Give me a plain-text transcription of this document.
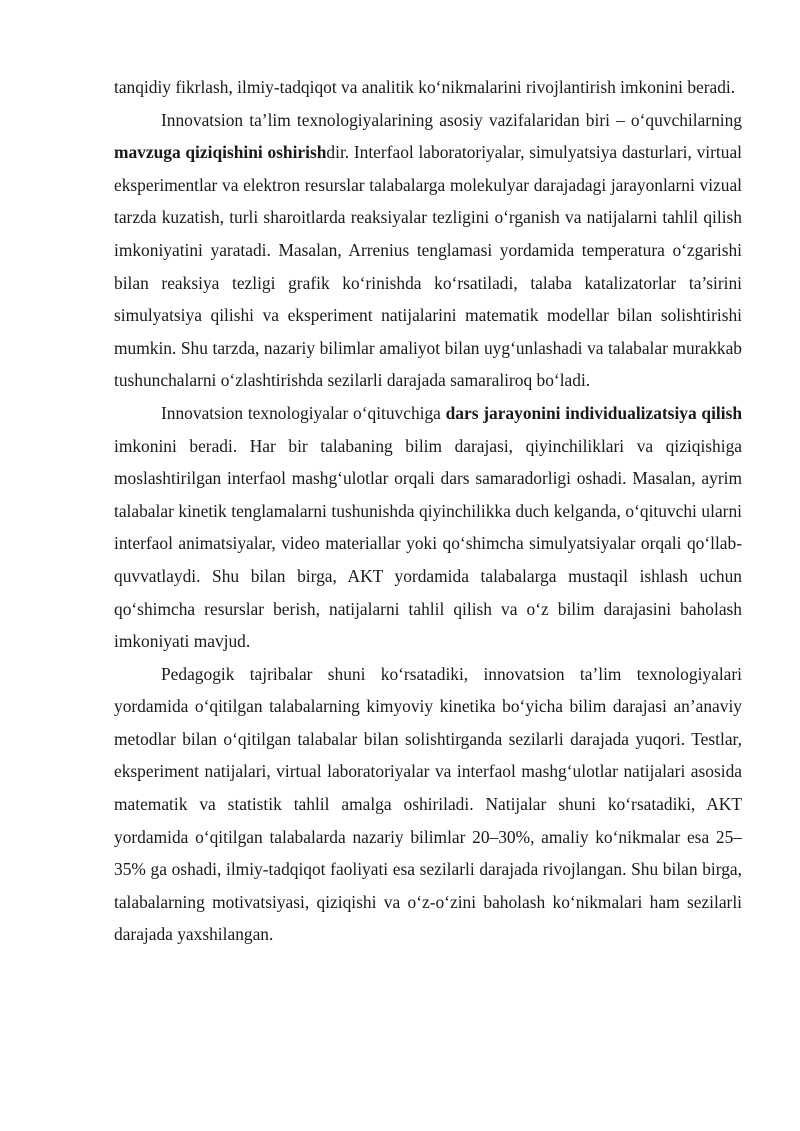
tanqidiy fikrlash, ilmiy-tadqiqot va analitik ko‘nikmalarini rivojlantirish imkonini beradi.

Innovatsion ta’lim texnologiyalarining asosiy vazifalaridan biri – o‘quvchilarning mavzuga qiziqishini oshirishdir. Interfaol laboratoriyalar, simulyatsiya dasturlari, virtual eksperimentlar va elektron resurslar talabalarga molekulyar darajadagi jarayonlarni vizual tarzda kuzatish, turli sharoitlarda reaksiyalar tezligini o‘rganish va natijalarni tahlil qilish imkoniyatini yaratadi. Masalan, Arrenius tenglamasi yordamida temperatura o‘zgarishi bilan reaksiya tezligi grafik ko‘rinishda ko‘rsatiladi, talaba katalizatorlar ta’sirini simulyatsiya qilishi va eksperiment natijalarini matematik modellar bilan solishtirishi mumkin. Shu tarzda, nazariy bilimlar amaliyot bilan uyg‘unlashadi va talabalar murakkab tushunchalarni o‘zlashtirishda sezilarli darajada samaraliroq bo‘ladi.

Innovatsion texnologiyalar o‘qituvchiga dars jarayonini individualizatsiya qilish imkonini beradi. Har bir talabaning bilim darajasi, qiyinchiliklari va qiziqishiga moslashtirilgan interfaol mashg‘ulotlar orqali dars samaradorligi oshadi. Masalan, ayrim talabalar kinetik tenglamalarni tushunishda qiyinchilikka duch kelganda, o‘qituvchi ularni interfaol animatsiyalar, video materiallar yoki qo‘shimcha simulyatsiyalar orqali qo‘llab-quvvatlaydi. Shu bilan birga, AKT yordamida talabalarga mustaqil ishlash uchun qo‘shimcha resurslar berish, natijalarni tahlil qilish va o‘z bilim darajasini baholash imkoniyati mavjud.

Pedagogik tajribalar shuni ko‘rsatadiki, innovatsion ta’lim texnologiyalari yordamida o‘qitilgan talabalarning kimyoviy kinetika bo‘yicha bilim darajasi an’anaviy metodlar bilan o‘qitilgan talabalar bilan solishtirganda sezilarli darajada yuqori. Testlar, eksperiment natijalari, virtual laboratoriyalar va interfaol mashg‘ulotlar natijalari asosida matematik va statistik tahlil amalga oshiriladi. Natijalar shuni ko‘rsatadiki, AKT yordamida o‘qitilgan talabalarda nazariy bilimlar 20–30%, amaliy ko‘nikmalar esa 25–35% ga oshadi, ilmiy-tadqiqot faoliyati esa sezilarli darajada rivojlangan. Shu bilan birga, talabalarning motivatsiyasi, qiziqishi va o‘z-o‘zini baholash ko‘nikmalari ham sezilarli darajada yaxshilangan.
